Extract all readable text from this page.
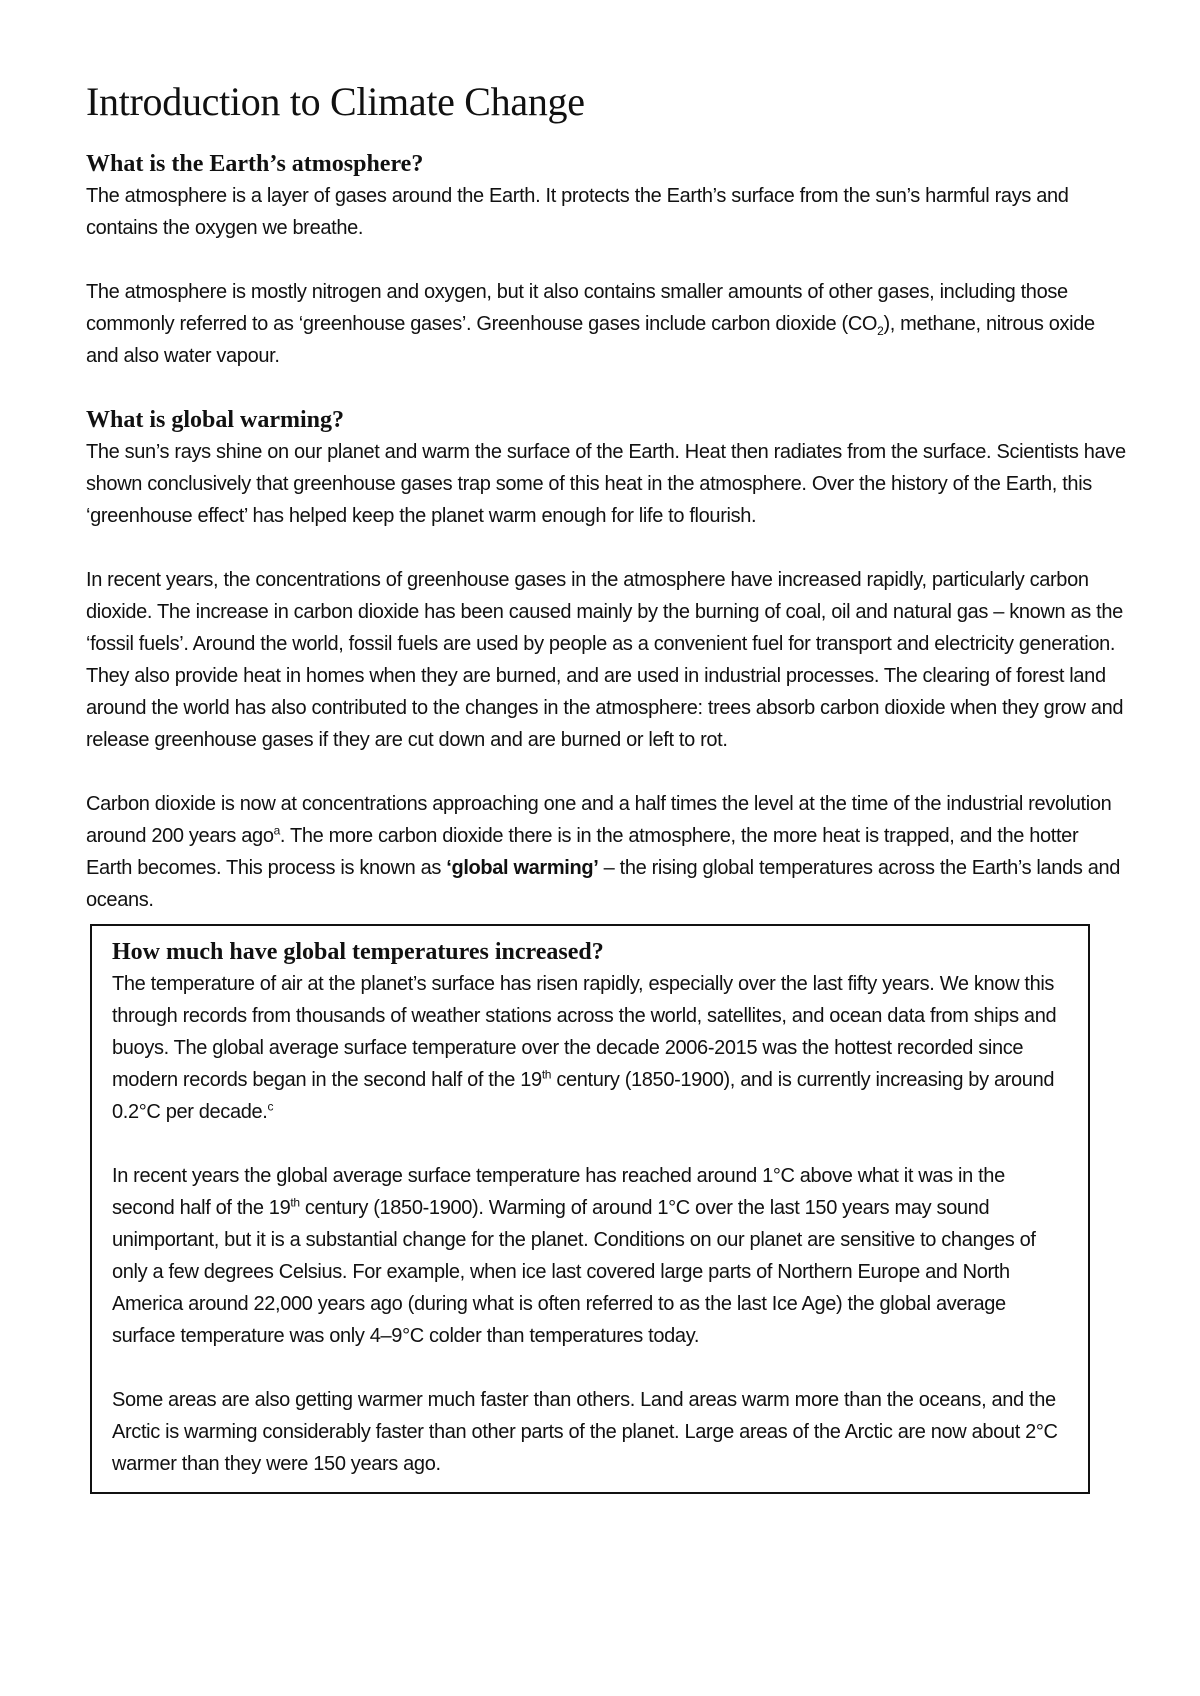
Introduction to Climate Change
What is the Earth’s atmosphere?

The atmosphere is a layer of gases around the Earth. It protects the Earth’s surface from the sun’s harmful rays and contains the oxygen we breathe.

The atmosphere is mostly nitrogen and oxygen, but it also contains smaller amounts of other gases, including those commonly referred to as ‘greenhouse gases’. Greenhouse gases include carbon dioxide $(CO_2)$, methane, nitrous oxide and also water vapour.

What is global warming?

The sun’s rays shine on our planet and warm the surface of the Earth. Heat then radiates from the surface. Scientists have shown conclusively that greenhouse gases trap some of this heat in the atmosphere. Over the history of the Earth, this ‘greenhouse effect’ has helped keep the planet warm enough for life to flourish.

In recent years, the concentrations of greenhouse gases in the atmosphere have increased rapidly, particularly carbon dioxide. The increase in carbon dioxide has been caused mainly by the burning of coal, oil and natural gas – known as the ‘fossil fuels’. Around the world, fossil fuels are used by people as a convenient fuel for transport and electricity generation. They also provide heat in homes when they are burned, and are used in industrial processes. The clearing of forest land around the world has also contributed to the changes in the atmosphere: trees absorb carbon dioxide when they grow and release greenhouse gases if they are cut down and are burned or left to rot.

Carbon dioxide is now at concentrations approaching one and a half times the level at the time of the industrial revolution around 200 years ago$^a$. The more carbon dioxide there is in the atmosphere, the more heat is trapped, and the hotter Earth becomes. This process is known as ‘global warming’ – the rising global temperatures across the Earth’s lands and oceans.

How much have global temperatures increased?

The temperature of air at the planet’s surface has risen rapidly, especially over the last fifty years. We know this through records from thousands of weather stations across the world, satellites, and ocean data from ships and buoys. The global average surface temperature over the decade 2006-2015 was the hottest recorded since modern records began in the second half of the 19th century (1850-1900), and is currently increasing by around 0.2°C per decade.$^c$

In recent years the global average surface temperature has reached around 1°C above what it was in the second half of the 19th century (1850-1900). Warming of around 1°C over the last 150 years may sound unimportant, but it is a substantial change for the planet. Conditions on our planet are sensitive to changes of only a few degrees Celsius. For example, when ice last covered large parts of Northern Europe and North America around 22,000 years ago (during what is often referred to as the last Ice Age) the global average surface temperature was only 4–9°C colder than temperatures today.

Some areas are also getting warmer much faster than others. Land areas warm more than the oceans, and the Arctic is warming considerably faster than other parts of the planet. Large areas of the Arctic are now about 2°C warmer than they were 150 years ago.
